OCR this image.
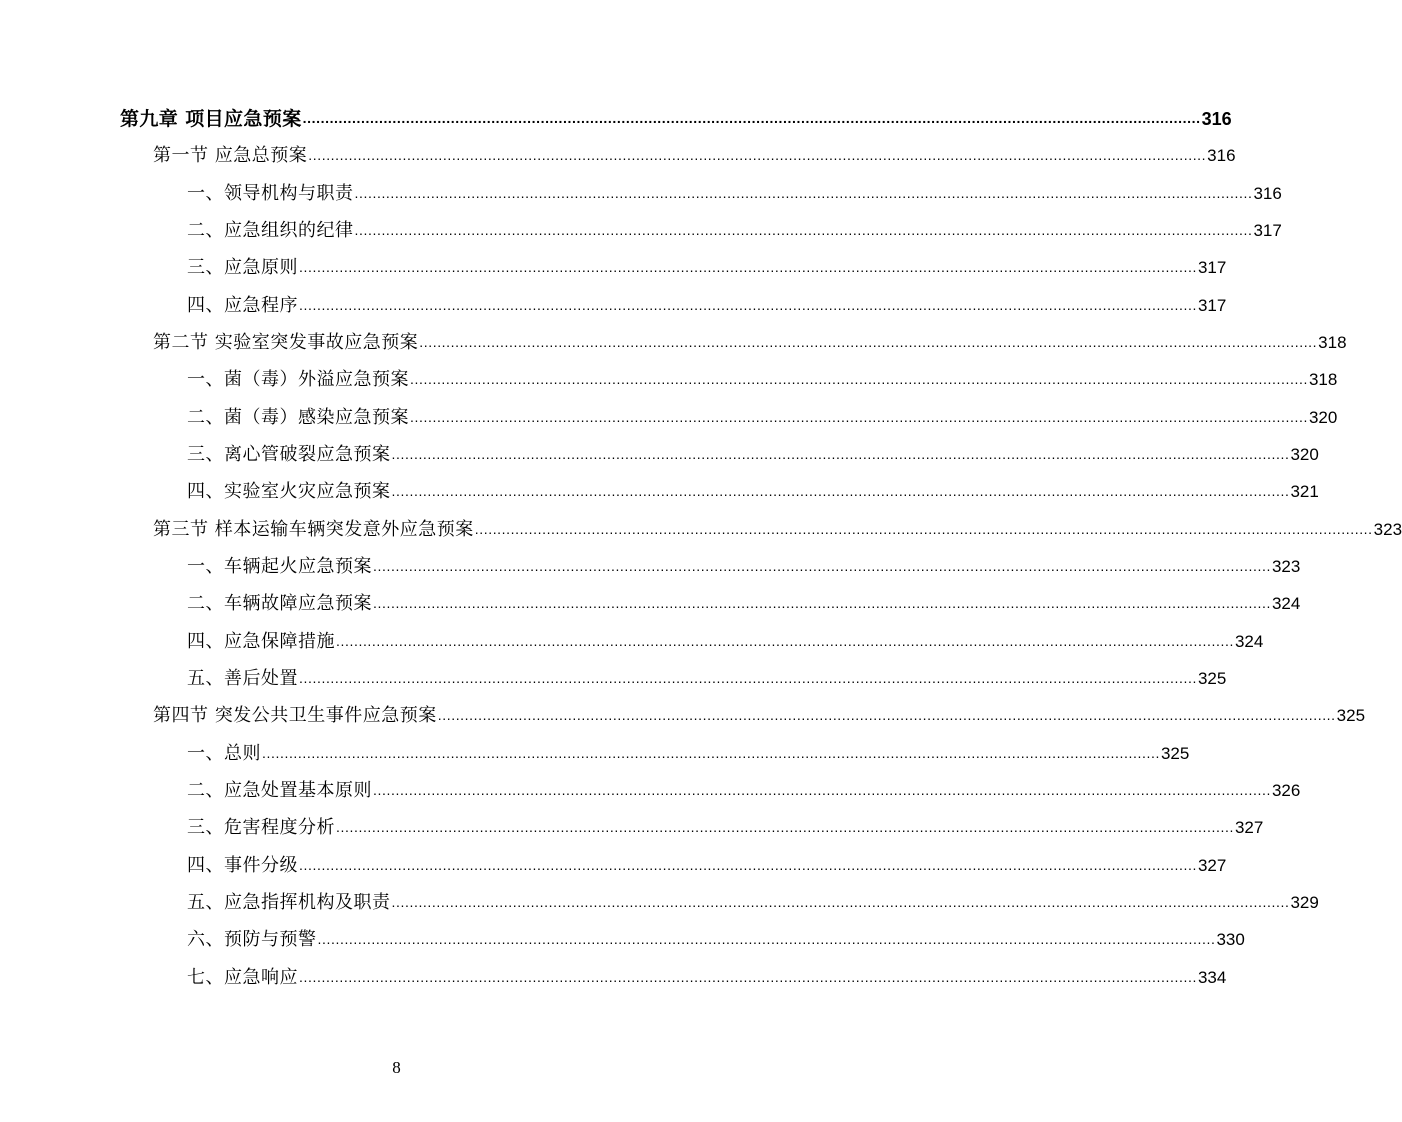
第九章 项目应急预案 ........................................................................................................................................................................................................ 316
第一节 应急总预案 ........................................................................................................................................................................................................ 316
一、领导机构与职责 ........................................................................................................................................................................................................ 316
二、应急组织的纪律 ........................................................................................................................................................................................................ 317
三、应急原则 ........................................................................................................................................................................................................ 317
四、应急程序 ........................................................................................................................................................................................................ 317
第二节 实验室突发事故应急预案 ........................................................................................................................................................................................................ 318
一、菌（毒）外溢应急预案 ........................................................................................................................................................................................................ 318
二、菌（毒）感染应急预案 ........................................................................................................................................................................................................ 320
三、离心管破裂应急预案 ........................................................................................................................................................................................................ 320
四、实验室火灾应急预案 ........................................................................................................................................................................................................ 321
第三节 样本运输车辆突发意外应急预案 ........................................................................................................................................................................................................ 323
一、车辆起火应急预案 ........................................................................................................................................................................................................ 323
二、车辆故障应急预案 ........................................................................................................................................................................................................ 324
四、应急保障措施 ........................................................................................................................................................................................................ 324
五、善后处置 ........................................................................................................................................................................................................ 325
第四节 突发公共卫生事件应急预案 ........................................................................................................................................................................................................ 325
一、总则 ........................................................................................................................................................................................................ 325
二、应急处置基本原则 ........................................................................................................................................................................................................ 326
三、危害程度分析 ........................................................................................................................................................................................................ 327
四、事件分级 ........................................................................................................................................................................................................ 327
五、应急指挥机构及职责 ........................................................................................................................................................................................................ 329
六、预防与预警 ........................................................................................................................................................................................................ 330
七、应急响应 ........................................................................................................................................................................................................ 334
8
